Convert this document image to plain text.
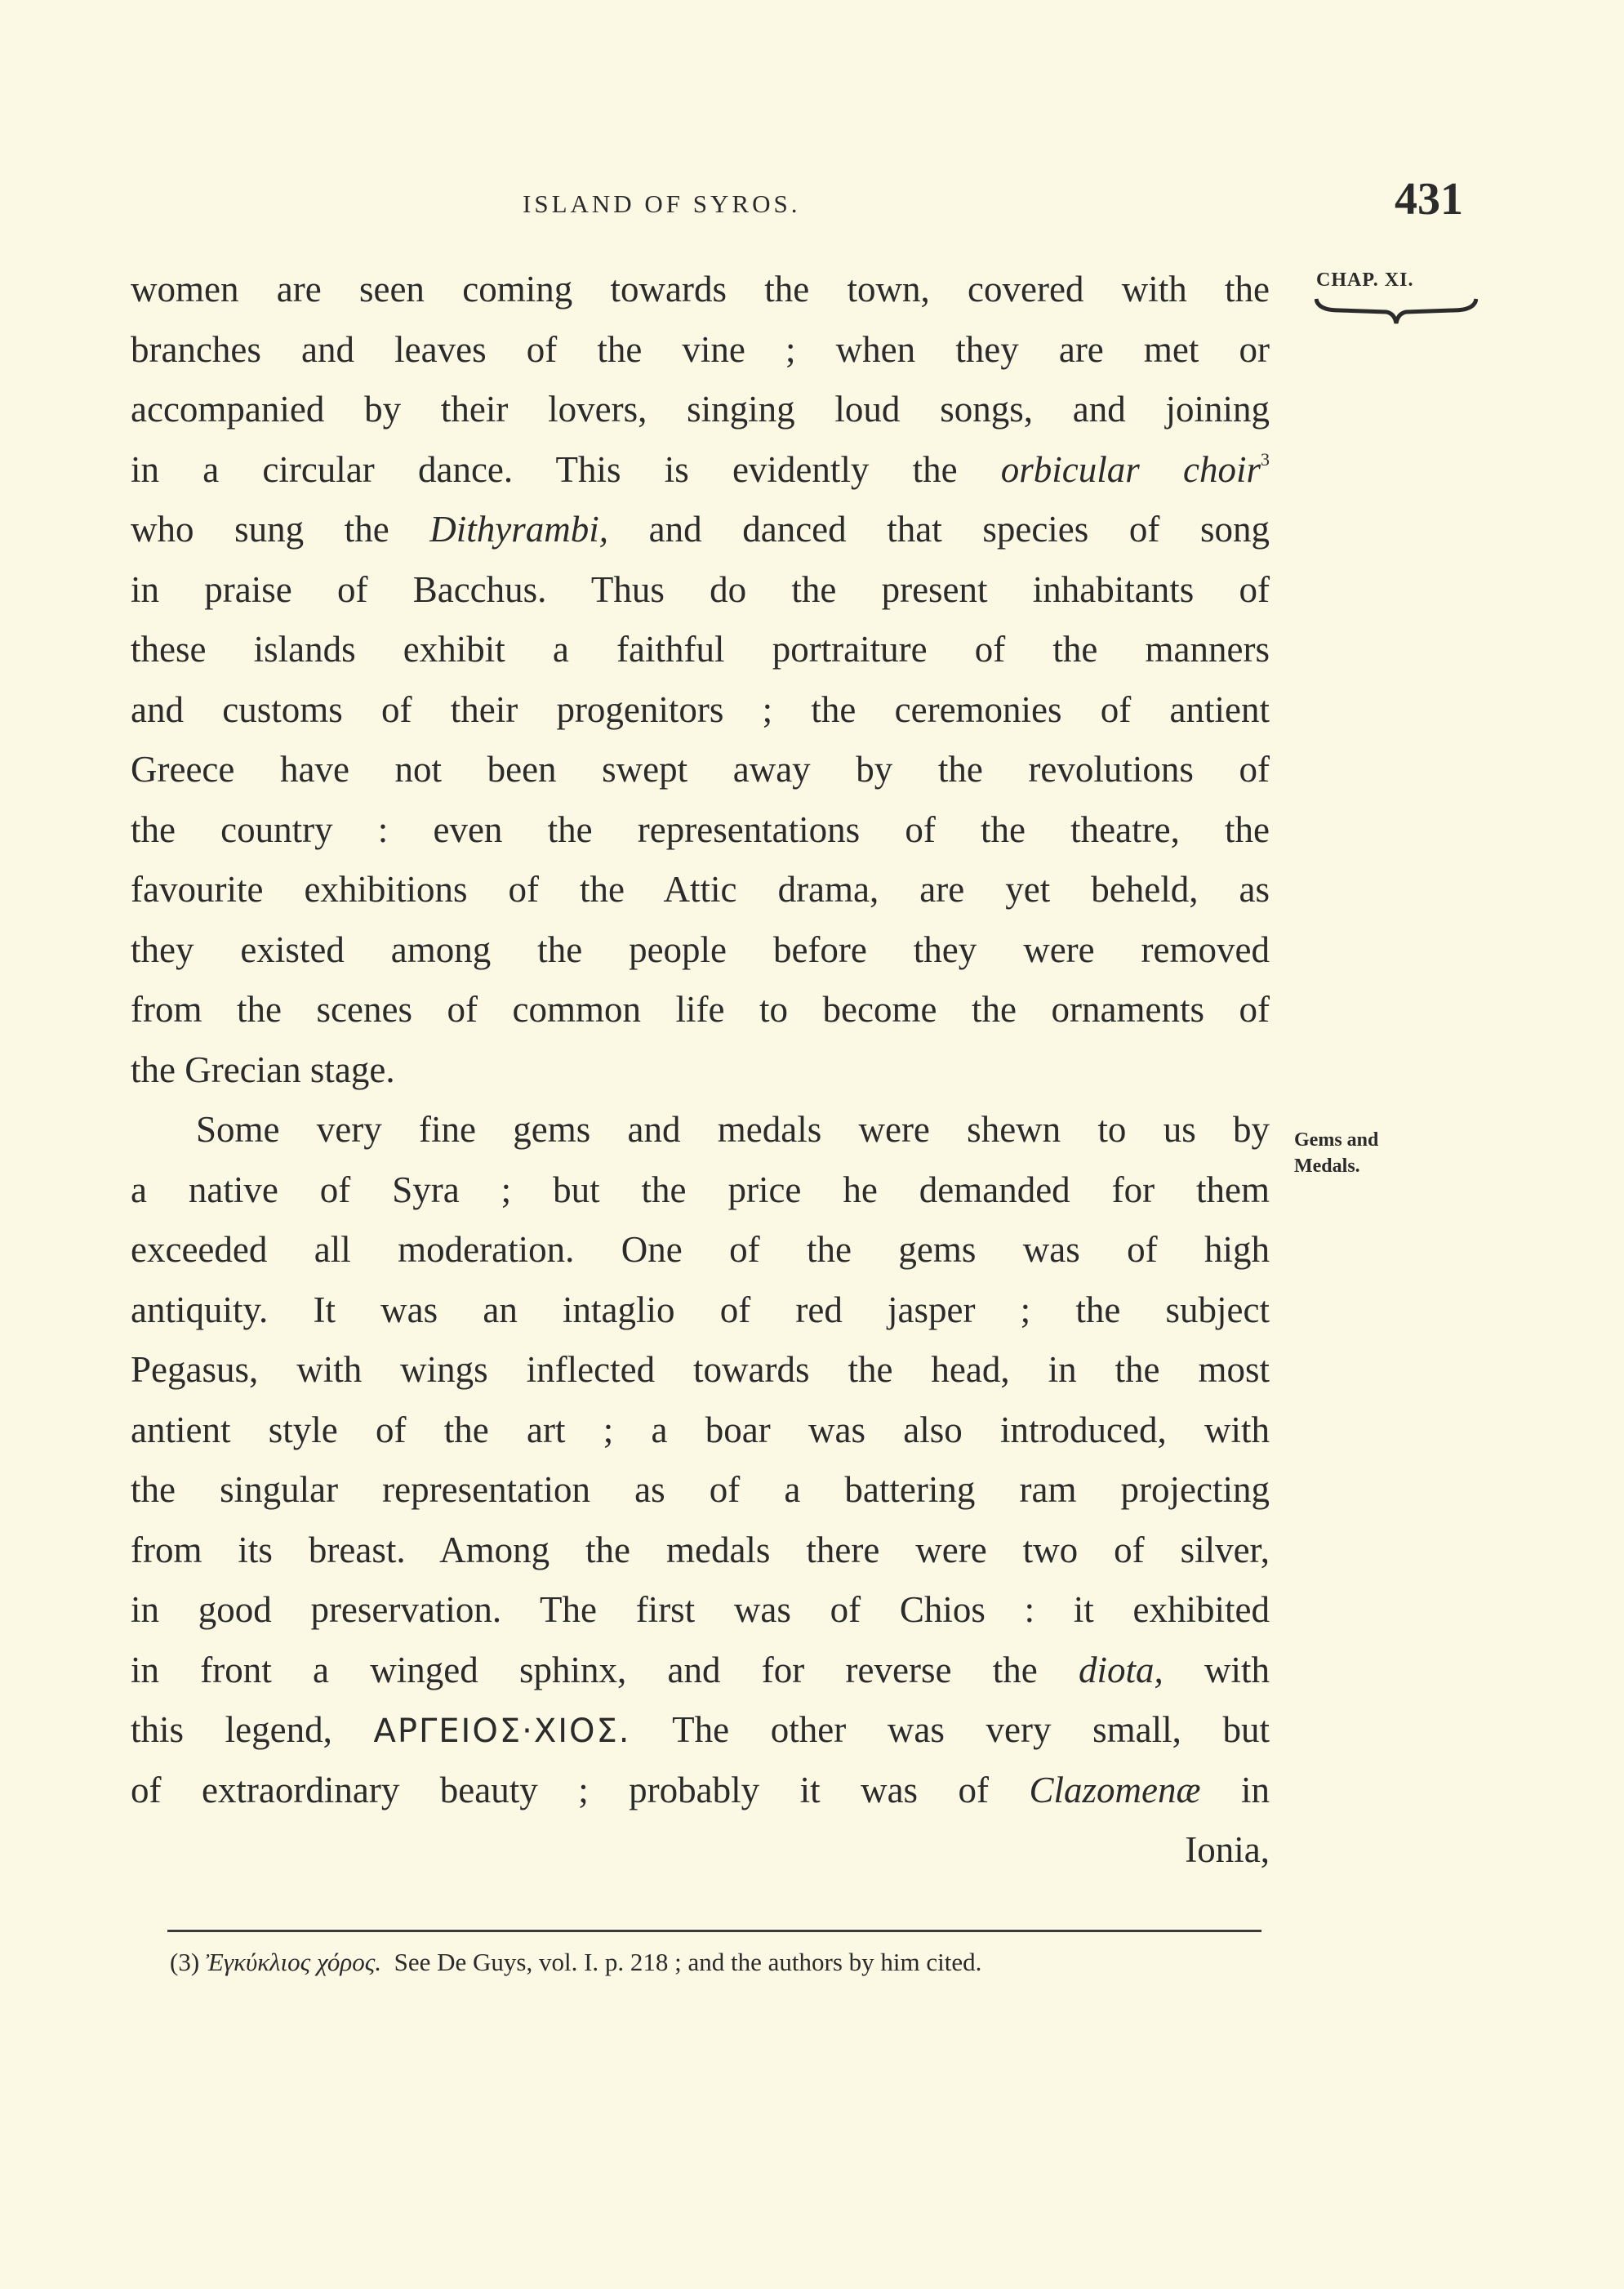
ISLAND OF SYROS.	431
CHAP. XI.
women are seen coming towards the town, covered with the
branches and leaves of the vine ; when they are met or
accompanied by their lovers, singing loud songs, and joining
in a circular dance. This is evidently the orbicular choir$^3$
who sung the Dithyrambi, and danced that species of song
in praise of Bacchus. Thus do the present inhabitants of
these islands exhibit a faithful portraiture of the manners
and customs of their progenitors ; the ceremonies of antient
Greece have not been swept away by the revolutions of
the country : even the representations of the theatre, the
favourite exhibitions of the Attic drama, are yet beheld, as
they existed among the people before they were removed
from the scenes of common life to become the ornaments of
the Grecian stage.
Some very fine gems and medals were shewn to us by
a native of Syra ; but the price he demanded for them
exceeded all moderation. One of the gems was of high
antiquity. It was an intaglio of red jasper ; the subject
Pegasus, with wings inflected towards the head, in the most
antient style of the art ; a boar was also introduced, with
the singular representation as of a battering ram projecting
from its breast. Among the medals there were two of silver,
in good preservation. The first was of Chios : it exhibited
in front a winged sphinx, and for reverse the diota, with
this legend, ΑΡΓΕΙΟΣ·ΧΙΟΣ. The other was very small, but
of extraordinary beauty ; probably it was of Clazomenæ in
Ionia,
Gems and
Medals.
(3) Ἐγκύκλιος χόρος. See De Guys, vol. I. p. 218 ; and the authors by him cited.
